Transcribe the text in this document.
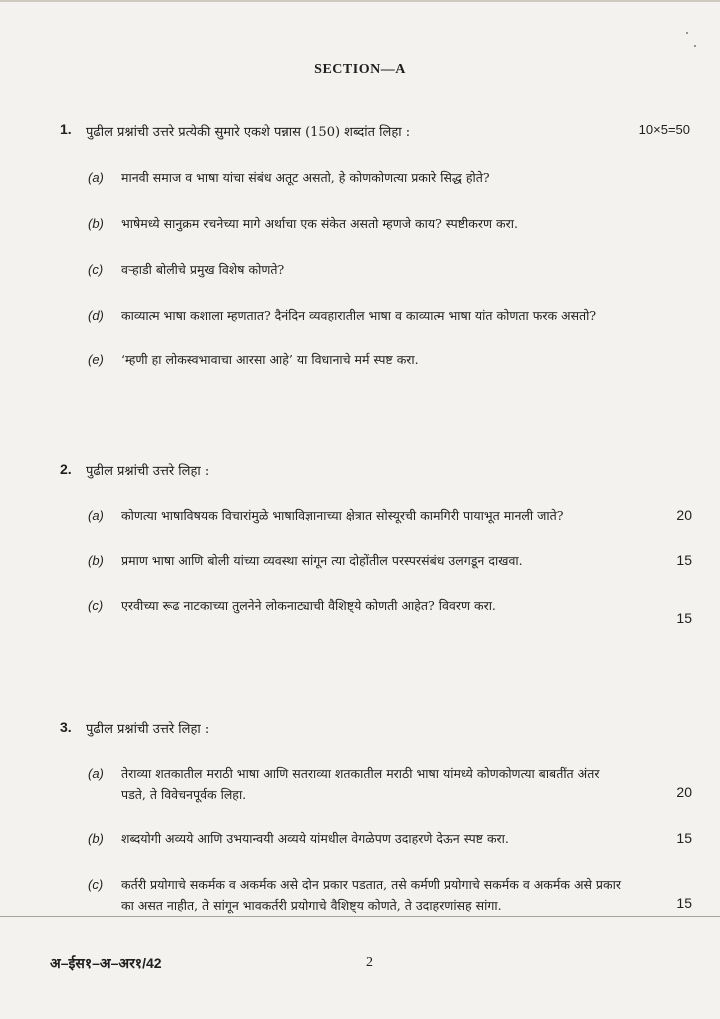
SECTION—A
1. पुढील प्रश्नांची उत्तरे प्रत्येकी सुमारे एकशे पन्नास (150) शब्दांत लिहा :	10×5=50
(a) मानवी समाज व भाषा यांचा संबंध अतूट असतो, हे कोणकोणत्या प्रकारे सिद्ध होते?
(b) भाषेमध्ये सानुक्रम रचनेच्या मागे अर्थाचा एक संकेत असतो म्हणजे काय? स्पष्टीकरण करा.
(c) वऱ्हाडी बोलीचे प्रमुख विशेष कोणते?
(d) काव्यात्म भाषा कशाला म्हणतात? दैनंदिन व्यवहारातील भाषा व काव्यात्म भाषा यांत कोणता फरक असतो?
(e) ‘म्हणी हा लोकस्वभावाचा आरसा आहे’ या विधानाचे मर्म स्पष्ट करा.
2. पुढील प्रश्नांची उत्तरे लिहा :
(a) कोणत्या भाषाविषयक विचारांमुळे भाषाविज्ञानाच्या क्षेत्रात सोस्यूरची कामगिरी पायाभूत मानली जाते?	20
(b) प्रमाण भाषा आणि बोली यांच्या व्यवस्था सांगून त्या दोहोंतील परस्परसंबंध उलगडून दाखवा.	15
(c) एरवीच्या रूढ नाटकाच्या तुलनेने लोकनाट्याची वैशिष्ट्ये कोणती आहेत? विवरण करा.
15
3. पुढील प्रश्नांची उत्तरे लिहा :
(a) तेराव्या शतकातील मराठी भाषा आणि सतराव्या शतकातील मराठी भाषा यांमध्ये कोणकोणत्या बाबतींत अंतर
पडते, ते विवेचनपूर्वक लिहा.	20
(b) शब्दयोगी अव्यये आणि उभयान्वयी अव्यये यांमधील वेगळेपण उदाहरणे देऊन स्पष्ट करा.	15
(c) कर्तरी प्रयोगाचे सकर्मक व अकर्मक असे दोन प्रकार पडतात, तसे कर्मणी प्रयोगाचे सकर्मक व अकर्मक असे प्रकार
का असत नाहीत, ते सांगून भावकर्तरी प्रयोगाचे वैशिष्ट्य कोणते, ते उदाहरणांसह सांगा.	15
अ–ईस१–अ–अर१/42	2
